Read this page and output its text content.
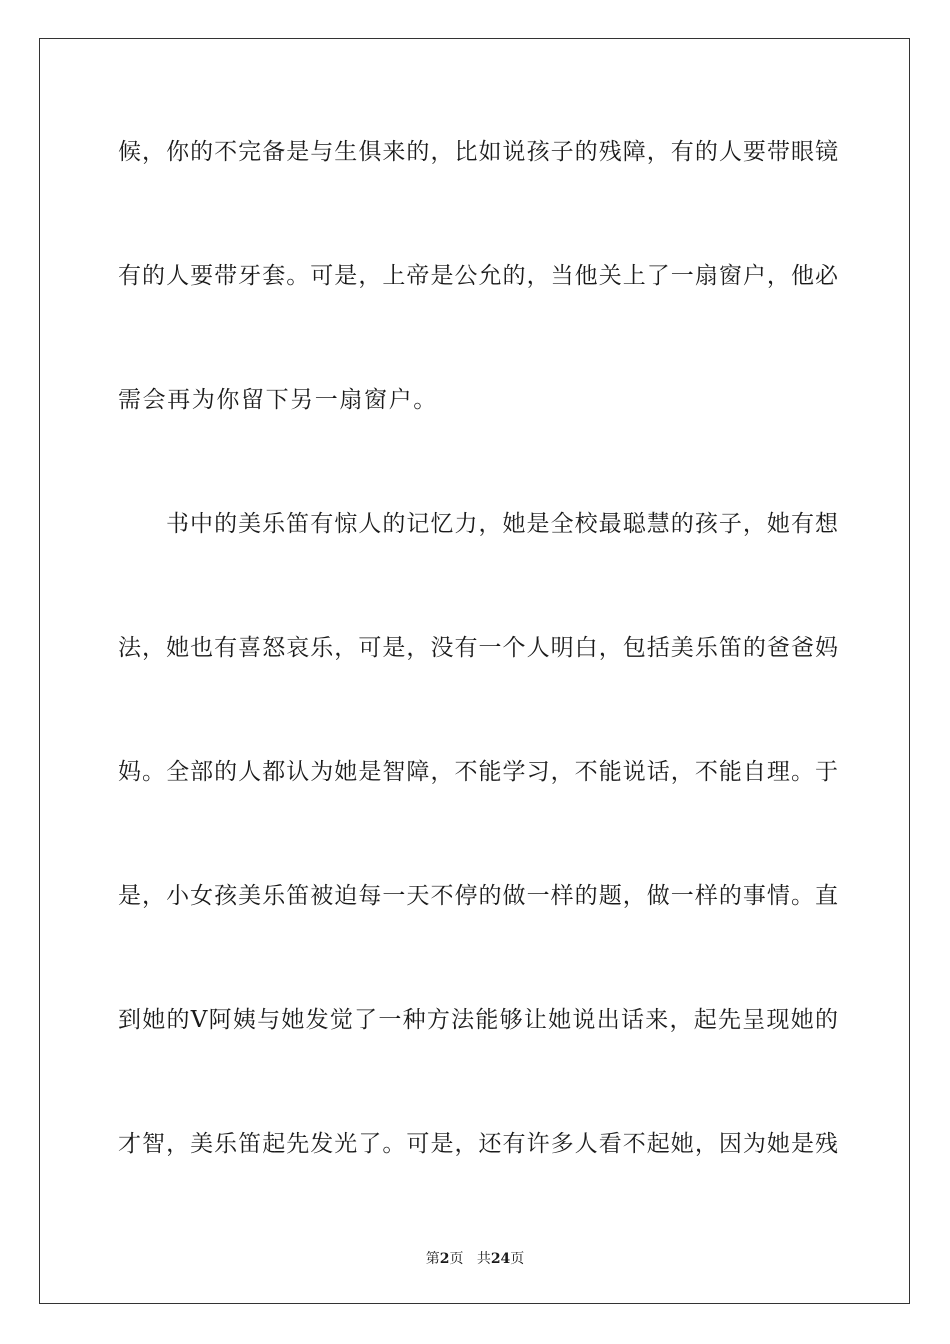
候，你的不完备是与生俱来的，比如说孩子的残障，有的人要带眼镜
有的人要带牙套。可是，上帝是公允的，当他关上了一扇窗户，他必
需会再为你留下另一扇窗户。
书中的美乐笛有惊人的记忆力，她是全校最聪慧的孩子，她有想
法，她也有喜怒哀乐，可是，没有一个人明白，包括美乐笛的爸爸妈
妈。全部的人都认为她是智障，不能学习，不能说话，不能自理。于
是，小女孩美乐笛被迫每一天不停的做一样的题，做一样的事情。直
到她的V阿姨与她发觉了一种方法能够让她说出话来，起先呈现她的
才智，美乐笛起先发光了。可是，还有许多人看不起她，因为她是残
第2页 共24页
